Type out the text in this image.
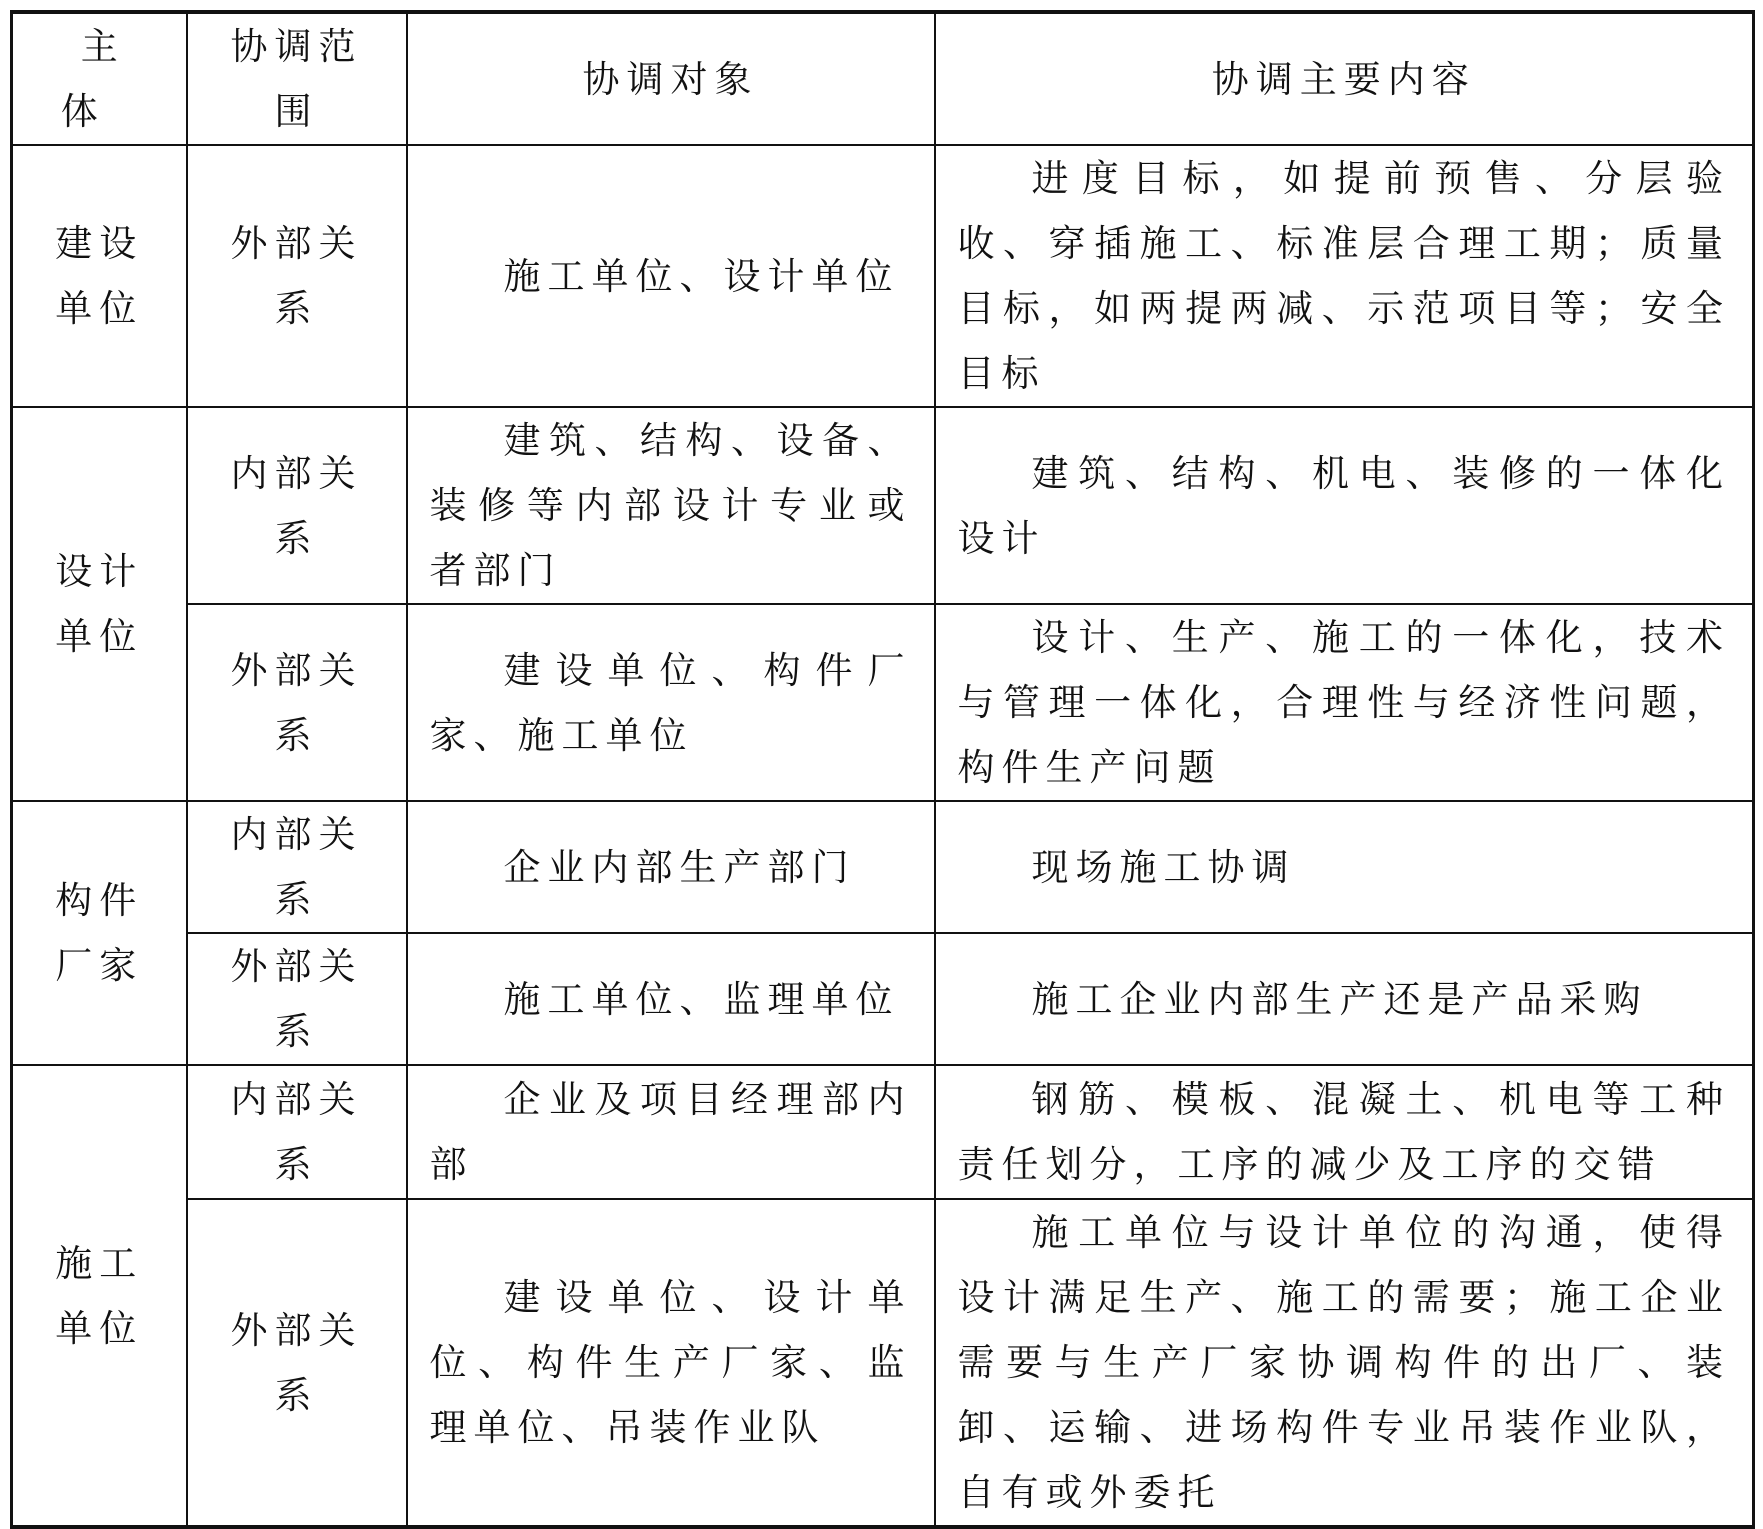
主 体	协调范围	协调对象	协调主要内容
建设单位	外部关系	施工单位、设计单位	进度目标，如提前预售、分层验收、穿插施工、标准层合理工期；质量目标，如两提两减、示范项目等；安全目标
设计单位	内部关系	建筑、结构、设备、装修等内部设计专业或者部门	建筑、结构、机电、装修的一体化设计
	外部关系	建设单位、构件厂家、施工单位	设计、生产、施工的一体化，技术与管理一体化，合理性与经济性问题，构件生产问题
构件厂家	内部关系	企业内部生产部门	现场施工协调
	外部关系	施工单位、监理单位	施工企业内部生产还是产品采购
施工单位	内部关系	企业及项目经理部内部	钢筋、模板、混凝土、机电等工种责任划分，工序的减少及工序的交错
	外部关系	建设单位、设计单位、构件生产厂家、监理单位、吊装作业队	施工单位与设计单位的沟通，使得设计满足生产、施工的需要；施工企业需要与生产厂家协调构件的出厂、装卸、运输、进场构件专业吊装作业队，自有或外委托
